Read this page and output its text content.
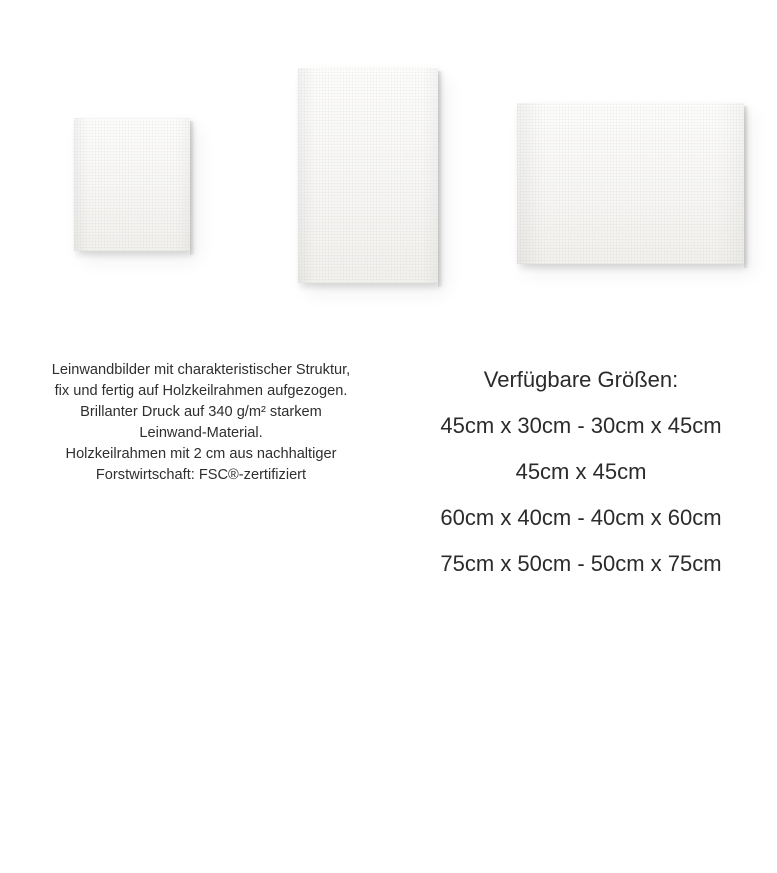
Leinwandbilder mit charakteristischer Struktur,

fix und fertig auf Holzkeilrahmen aufgezogen.

Brillanter Druck auf 340 g/m² starkem

Leinwand-Material.

Holzkeilrahmen mit 2 cm aus nachhaltiger

Forstwirtschaft: FSC®-zertifiziert

Verfügbare Größen:
45cm x 30cm - 30cm x 45cm
45cm x 45cm
60cm x 40cm - 40cm x 60cm
75cm x 50cm - 50cm x 75cm
